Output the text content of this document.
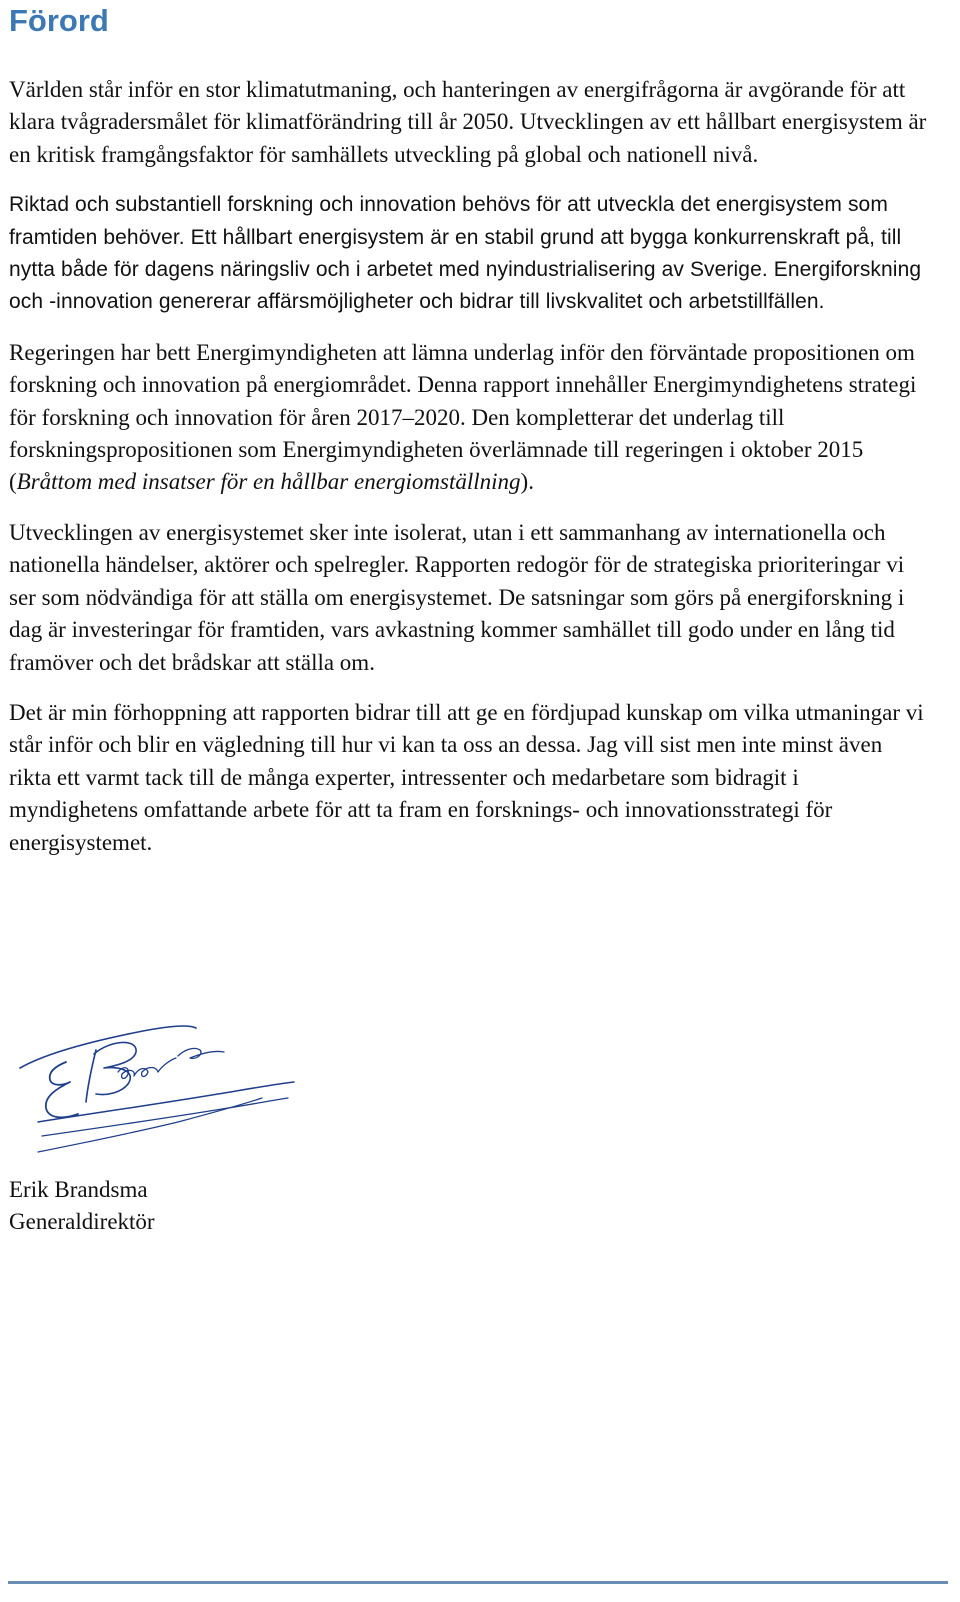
Förord

Världen står inför en stor klimatutmaning, och hanteringen av energifrågorna är avgörande för att klara tvågradersmålet för klimatförändring till år 2050. Utvecklingen av ett hållbart energisystem är en kritisk framgångsfaktor för samhällets utveckling på global och nationell nivå.

Riktad och substantiell forskning och innovation behövs för att utveckla det energisystem som framtiden behöver. Ett hållbart energisystem är en stabil grund att bygga konkurrenskraft på, till nytta både för dagens näringsliv och i arbetet med nyindustrialisering av Sverige. Energiforskning och -innovation genererar affärsmöjligheter och bidrar till livskvalitet och arbetstillfällen.

Regeringen har bett Energimyndigheten att lämna underlag inför den förväntade propositionen om forskning och innovation på energiområdet. Denna rapport innehåller Energimyndighetens strategi för forskning och innovation för åren 2017–2020. Den kompletterar det underlag till forskningspropositionen som Energimyndigheten överlämnade till regeringen i oktober 2015 (Bråttom med insatser för en hållbar energiomställning).

Utvecklingen av energisystemet sker inte isolerat, utan i ett sammanhang av internationella och nationella händelser, aktörer och spelregler. Rapporten redogör för de strategiska prioriteringar vi ser som nödvändiga för att ställa om energisystemet. De satsningar som görs på energiforskning i dag är investeringar för framtiden, vars avkastning kommer samhället till godo under en lång tid framöver och det brådskar att ställa om.

Det är min förhoppning att rapporten bidrar till att ge en fördjupad kunskap om vilka utmaningar vi står inför och blir en vägledning till hur vi kan ta oss an dessa. Jag vill sist men inte minst även rikta ett varmt tack till de många experter, intressenter och medarbetare som bidragit i myndighetens omfattande arbete för att ta fram en forsknings- och innovationsstrategi för energisystemet.

Erik Brandsma
Generaldirektör
